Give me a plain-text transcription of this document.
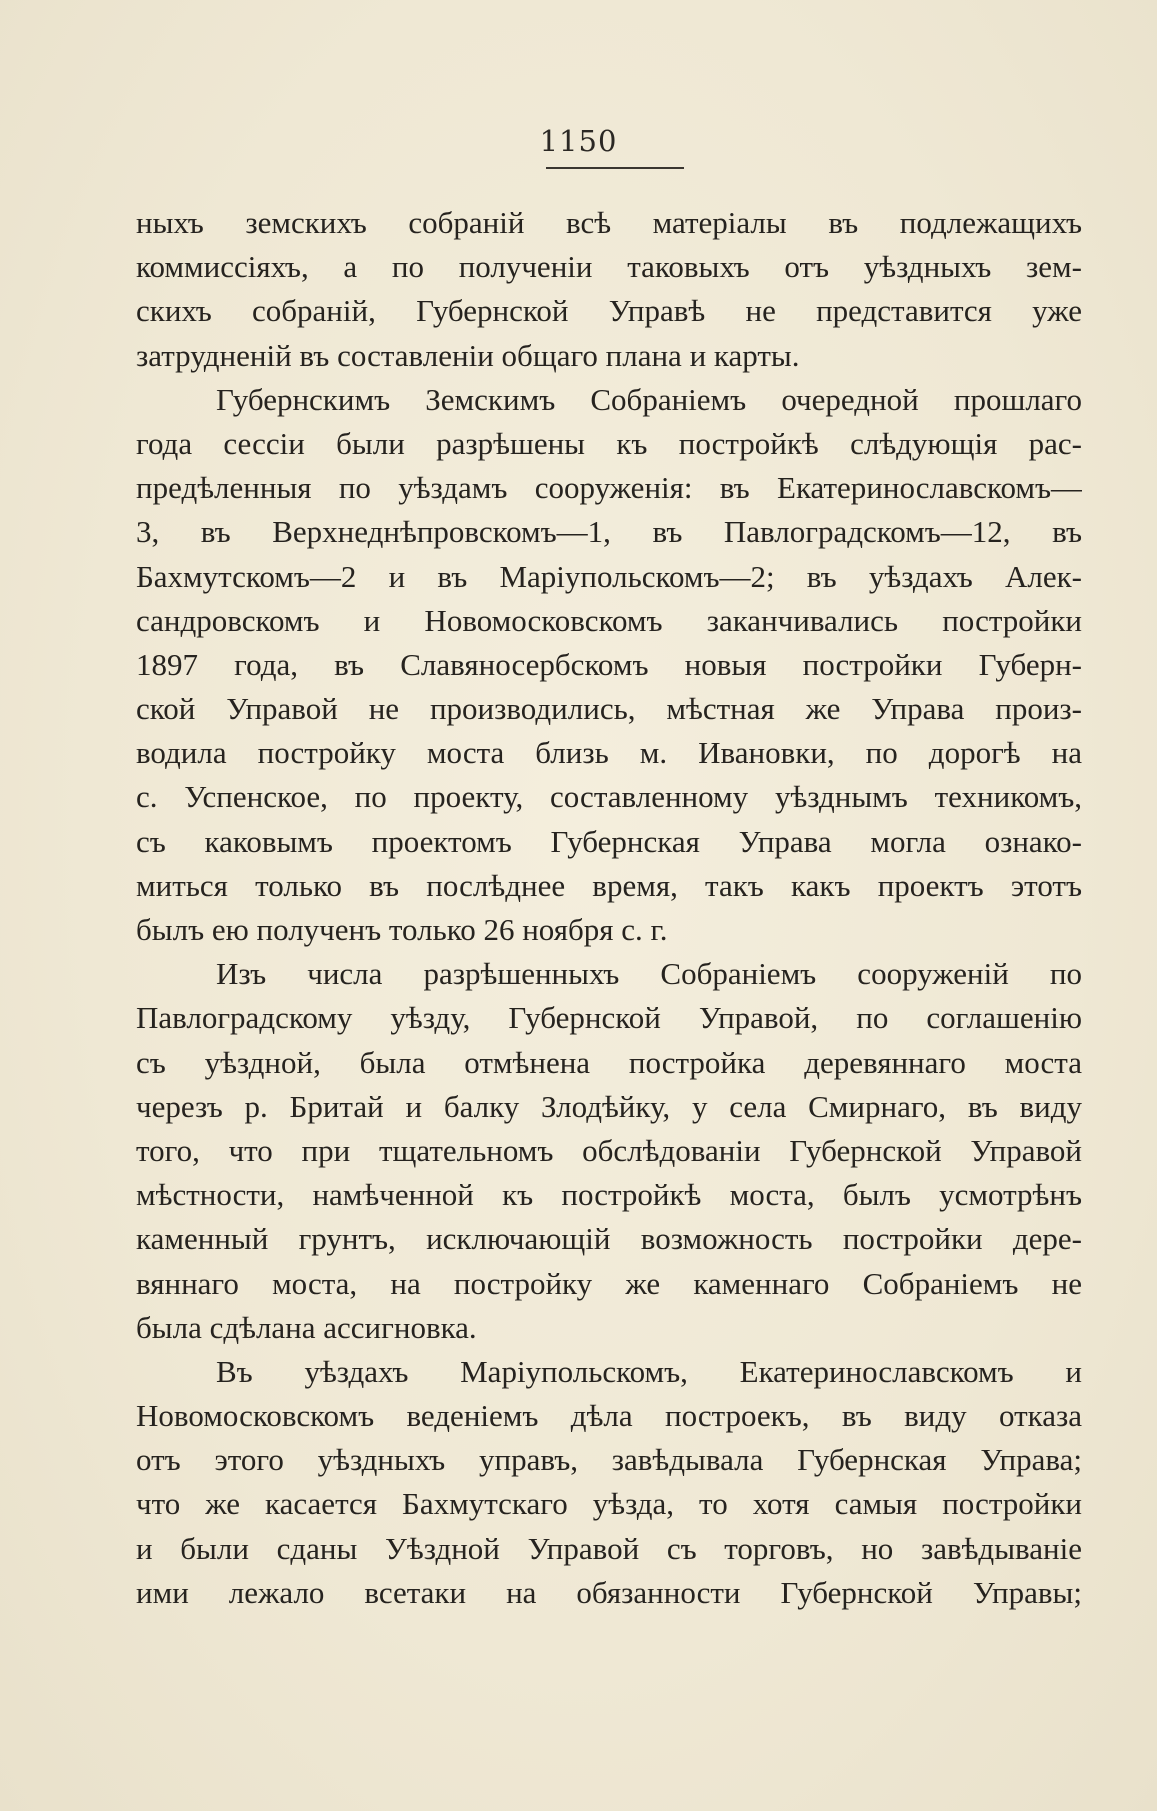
1150
ныхъ земскихъ собраній всѣ матеріалы въ подлежащихъ
коммиссіяхъ, а по полученіи таковыхъ отъ уѣздныхъ зем-
скихъ собраній, Губернской Управѣ не представится уже
затрудненій въ составленіи общаго плана и карты.
Губернскимъ Земскимъ Собраніемъ очередной прошлаго
года сессіи были разрѣшены къ постройкѣ слѣдующія рас-
предѣленныя по уѣздамъ сооруженія: въ Екатеринославскомъ—
3, въ Верхнеднѣпровскомъ—1, въ Павлоградскомъ—12, въ
Бахмутскомъ—2 и въ Маріупольскомъ—2; въ уѣздахъ Алек-
сандровскомъ и Новомосковскомъ заканчивались постройки
1897 года, въ Славяносербскомъ новыя постройки Губерн-
ской Управой не производились, мѣстная же Управа произ-
водила постройку моста близь м. Ивановки, по дорогѣ на
с. Успенское, по проекту, составленному уѣзднымъ техникомъ,
съ каковымъ проектомъ Губернская Управа могла ознако-
миться только въ послѣднее время, такъ какъ проектъ этотъ
былъ ею полученъ только 26 ноября с. г.
Изъ числа разрѣшенныхъ Собраніемъ сооруженій по
Павлоградскому уѣзду, Губернской Управой, по соглашенію
съ уѣздной, была отмѣнена постройка деревяннаго моста
черезъ р. Бритай и балку Злодѣйку, у села Смирнаго, въ виду
того, что при тщательномъ обслѣдованіи Губернской Управой
мѣстности, намѣченной къ постройкѣ моста, былъ усмотрѣнъ
каменный грунтъ, исключающій возможность постройки дере-
вяннаго моста, на постройку же каменнаго Собраніемъ не
была сдѣлана ассигновка.
Въ уѣздахъ Маріупольскомъ, Екатеринославскомъ и
Новомосковскомъ веденіемъ дѣла построекъ, въ виду отказа
отъ этого уѣздныхъ управъ, завѣдывала Губернская Управа;
что же касается Бахмутскаго уѣзда, то хотя самыя постройки
и были сданы Уѣздной Управой съ торговъ, но завѣдываніе
ими лежало всетаки на обязанности Губернской Управы;
